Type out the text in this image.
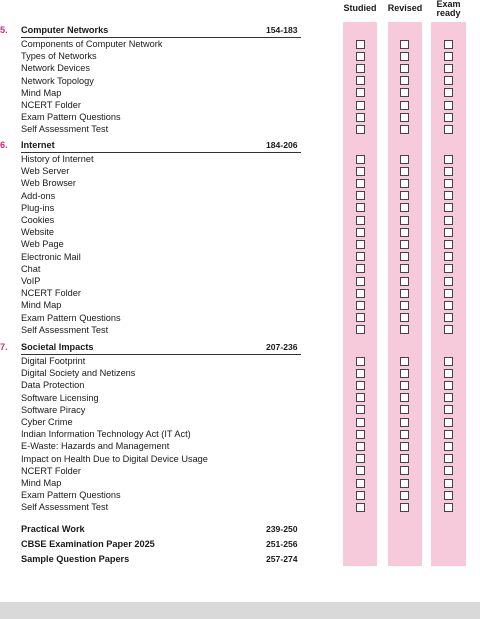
Studied	Revised	Exam ready
5. Computer Networks	154-183
Components of Computer Network
Types of Networks
Network Devices
Network Topology
Mind Map
NCERT Folder
Exam Pattern Questions
Self Assessment Test
6. Internet	184-206
History of Internet
Web Server
Web Browser
Add-ons
Plug-ins
Cookies
Website
Web Page
Electronic Mail
Chat
VoIP
NCERT Folder
Mind Map
Exam Pattern Questions
Self Assessment Test
7. Societal Impacts	207-236
Digital Footprint
Digital Society and Netizens
Data Protection
Software Licensing
Software Piracy
Cyber Crime
Indian Information Technology Act (IT Act)
E-Waste: Hazards and Management
Impact on Health Due to Digital Device Usage
NCERT Folder
Mind Map
Exam Pattern Questions
Self Assessment Test
Practical Work	239-250
CBSE Examination Paper 2025	251-256
Sample Question Papers	257-274
